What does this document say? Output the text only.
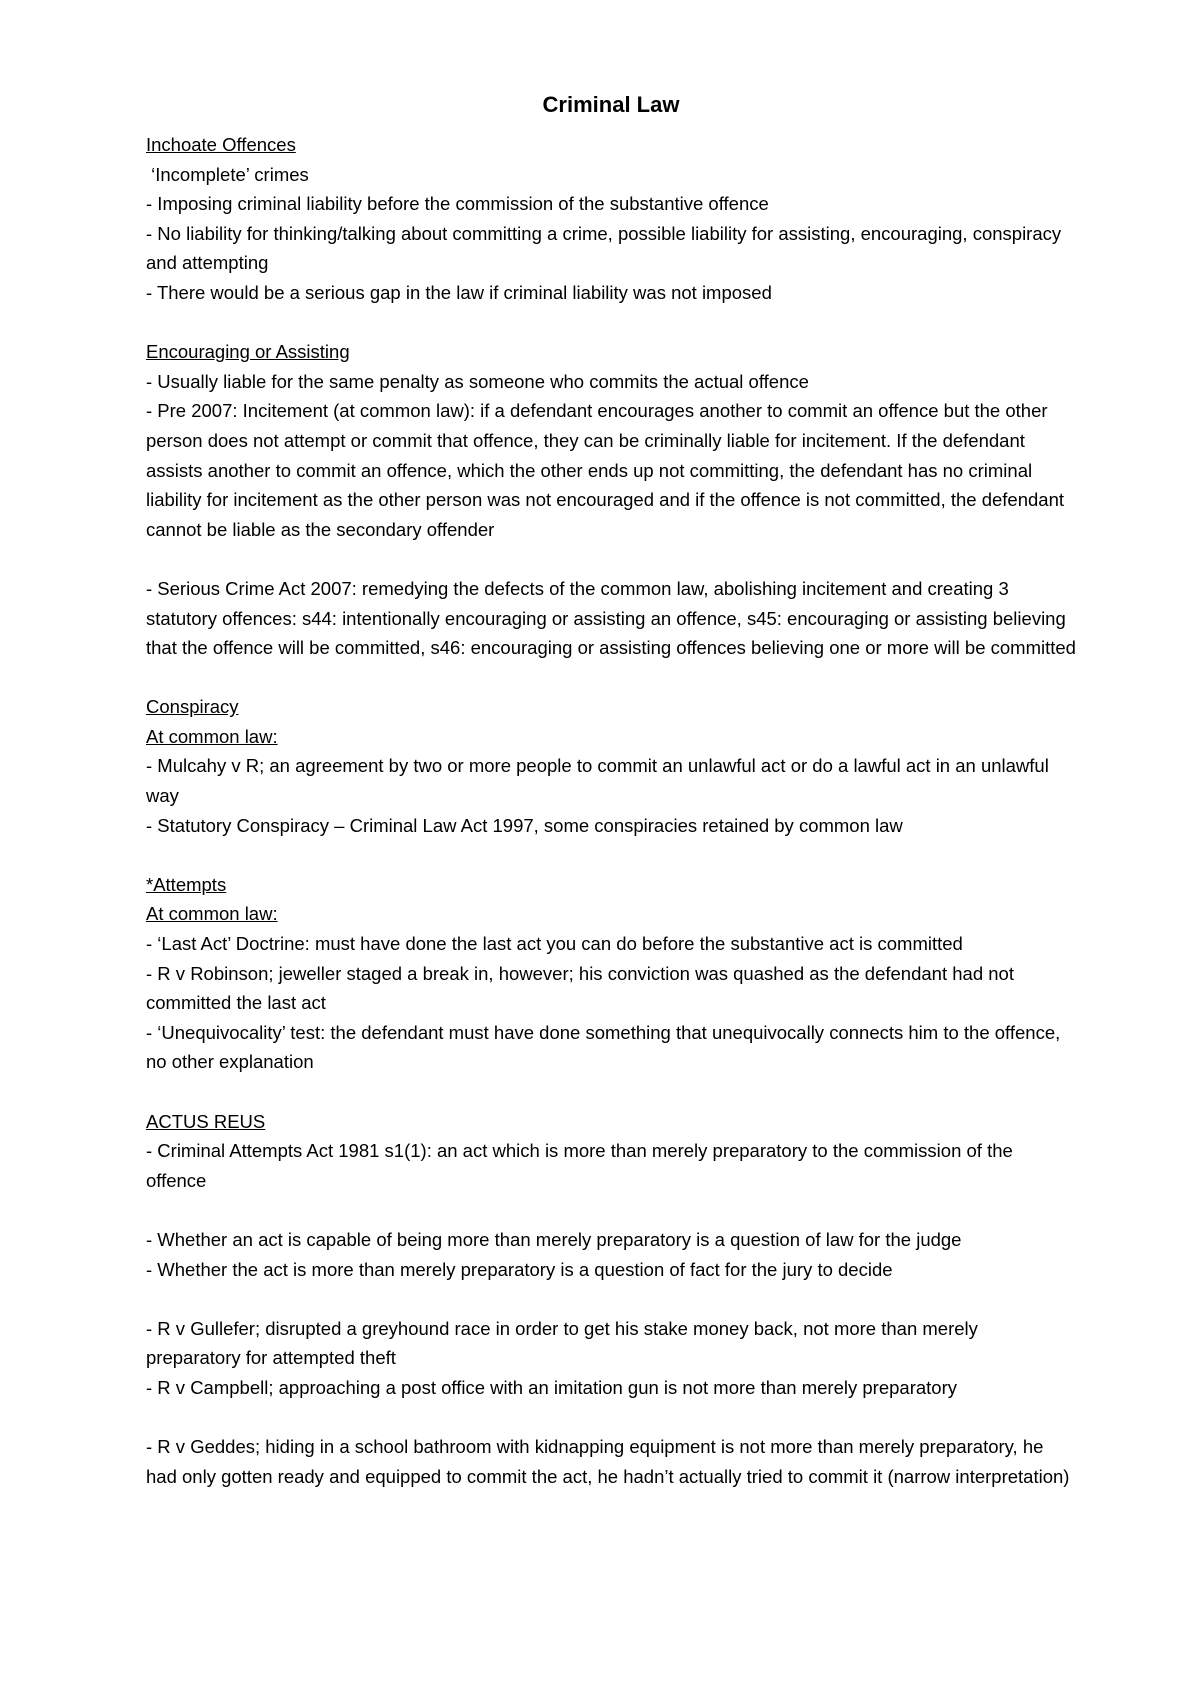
Criminal Law
Inchoate Offences
‘Incomplete’ crimes
- Imposing criminal liability before the commission of the substantive offence
- No liability for thinking/talking about committing a crime, possible liability for assisting, encouraging, conspiracy and attempting
- There would be a serious gap in the law if criminal liability was not imposed
Encouraging or Assisting
- Usually liable for the same penalty as someone who commits the actual offence
- Pre 2007: Incitement (at common law): if a defendant encourages another to commit an offence but the other person does not attempt or commit that offence, they can be criminally liable for incitement. If the defendant assists another to commit an offence, which the other ends up not committing, the defendant has no criminal liability for incitement as the other person was not encouraged and if the offence is not committed, the defendant cannot be liable as the secondary offender
- Serious Crime Act 2007: remedying the defects of the common law, abolishing incitement and creating 3 statutory offences: s44: intentionally encouraging or assisting an offence, s45: encouraging or assisting believing that the offence will be committed, s46: encouraging or assisting offences believing one or more will be committed
Conspiracy
At common law:
- Mulcahy v R; an agreement by two or more people to commit an unlawful act or do a lawful act in an unlawful way
- Statutory Conspiracy – Criminal Law Act 1997, some conspiracies retained by common law
*Attempts
At common law:
- ‘Last Act’ Doctrine: must have done the last act you can do before the substantive act is committed
- R v Robinson; jeweller staged a break in, however; his conviction was quashed as the defendant had not committed the last act
- ‘Unequivocality’ test: the defendant must have done something that unequivocally connects him to the offence, no other explanation
ACTUS REUS
- Criminal Attempts Act 1981 s1(1): an act which is more than merely preparatory to the commission of the offence
- Whether an act is capable of being more than merely preparatory is a question of law for the judge
- Whether the act is more than merely preparatory is a question of fact for the jury to decide
- R v Gullefer; disrupted a greyhound race in order to get his stake money back, not more than merely preparatory for attempted theft
- R v Campbell; approaching a post office with an imitation gun is not more than merely preparatory
- R v Geddes; hiding in a school bathroom with kidnapping equipment is not more than merely preparatory, he had only gotten ready and equipped to commit the act, he hadn’t actually tried to commit it (narrow interpretation)
